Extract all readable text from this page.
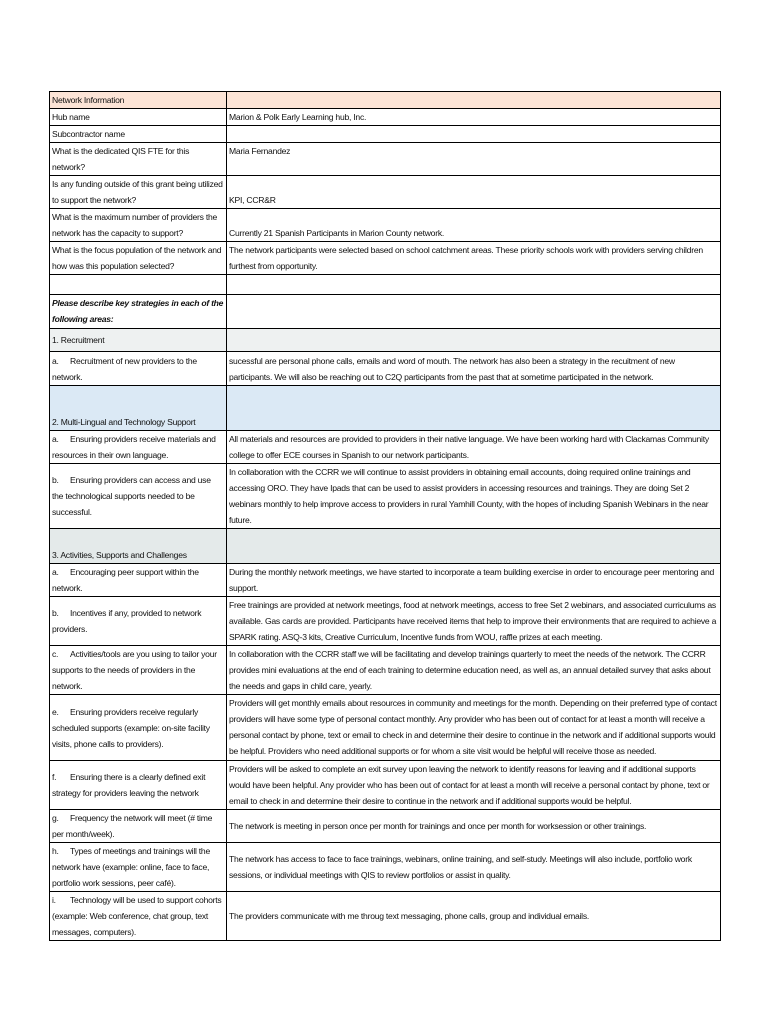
Network Information	
Hub name	Marion & Polk Early Learning hub, Inc.
Subcontractor name	
What is the dedicated QIS FTE for this network?	Maria Fernandez
Is any funding outside of this grant being utilized to support the network?	KPI, CCR&R
What is the maximum number of providers the network has the capacity to support?	Currently 21 Spanish Participants in Marion County network.
What is the focus population of the network and how was this population selected?	The network participants were selected based on school catchment areas. These priority schools work with providers serving children furthest from opportunity.

Please describe key strategies in each of the following areas:	
1. Recruitment	
a. Recruitment of new providers to the network.	sucessful are personal phone calls, emails and word of mouth. The network has also been a strategy in the recuitment of new participants. We will also be reaching out to C2Q participants from the past that at sometime participated in the network.
2. Multi-Lingual and Technology Support	
a. Ensuring providers receive materials and resources in their own language.	All materials and resources are provided to providers in their native language. We have been working hard with Clackamas Community college to offer ECE courses in Spanish to our network participants.
b. Ensuring providers can access and use the technological supports needed to be successful.	In collaboration with the CCRR we will continue to assist providers in obtaining email accounts, doing required online trainings and accessing ORO. They have Ipads that can be used to assist providers in accessing resources and trainings. They are doing Set 2 webinars monthly to help improve access to providers in rural Yamhill County, with the hopes of including Spanish Webinars in the near future.
3. Activities, Supports and Challenges	
a. Encouraging peer support within the network.	During the monthly network meetings, we have started to incorporate a team building exercise in order to encourage peer mentoring and support.
b. Incentives if any, provided to network providers.	Free trainings are provided at network meetings, food at network meetings, access to free Set 2 webinars, and associated curriculums as available. Gas cards are provided. Participants have received items that help to improve their environments that are required to achieve a SPARK rating. ASQ-3 kits, Creative Curriculum, Incentive funds from WOU, raffle prizes at each meeting.
c. Activities/tools are you using to tailor your supports to the needs of providers in the network.	In collaboration with the CCRR staff we will be facilitating and develop trainings quarterly to meet the needs of the network. The CCRR provides mini evaluations at the end of each training to determine education need, as well as, an annual detailed survey that asks about the needs and gaps in child care, yearly.
e. Ensuring providers receive regularly scheduled supports (example: on-site facility visits, phone calls to providers).	Providers will get monthly emails about resources in community and meetings for the month. Depending on their preferred type of contact providers will have some type of personal contact monthly. Any provider who has been out of contact for at least a month will receive a personal contact by phone, text or email to check in and determine their desire to continue in the network and if additional supports would be helpful. Providers who need additional supports or for whom a site visit would be helpful will receive those as needed.
f. Ensuring there is a clearly defined exit strategy for providers leaving the network	Providers will be asked to complete an exit survey upon leaving the network to identify reasons for leaving and if additional supports would have been helpful. Any provider who has been out of contact for at least a month will receive a personal contact by phone, text or email to check in and determine their desire to continue in the network and if additional supports would be helpful.
g. Frequency the network will meet (# time per month/week).	The network is meeting in person once per month for trainings and once per month for worksession or other trainings.
h. Types of meetings and trainings will the network have (example: online, face to face, portfolio work sessions, peer café).	The network has access to face to face trainings, webinars, online training, and self-study. Meetings will also include, portfolio work sessions, or individual meetings with QIS to review portfolios or assist in quality.
i. Technology will be used to support cohorts (example: Web conference, chat group, text messages, computers).	The providers communicate with me throug text messaging, phone calls, group and individual emails.
